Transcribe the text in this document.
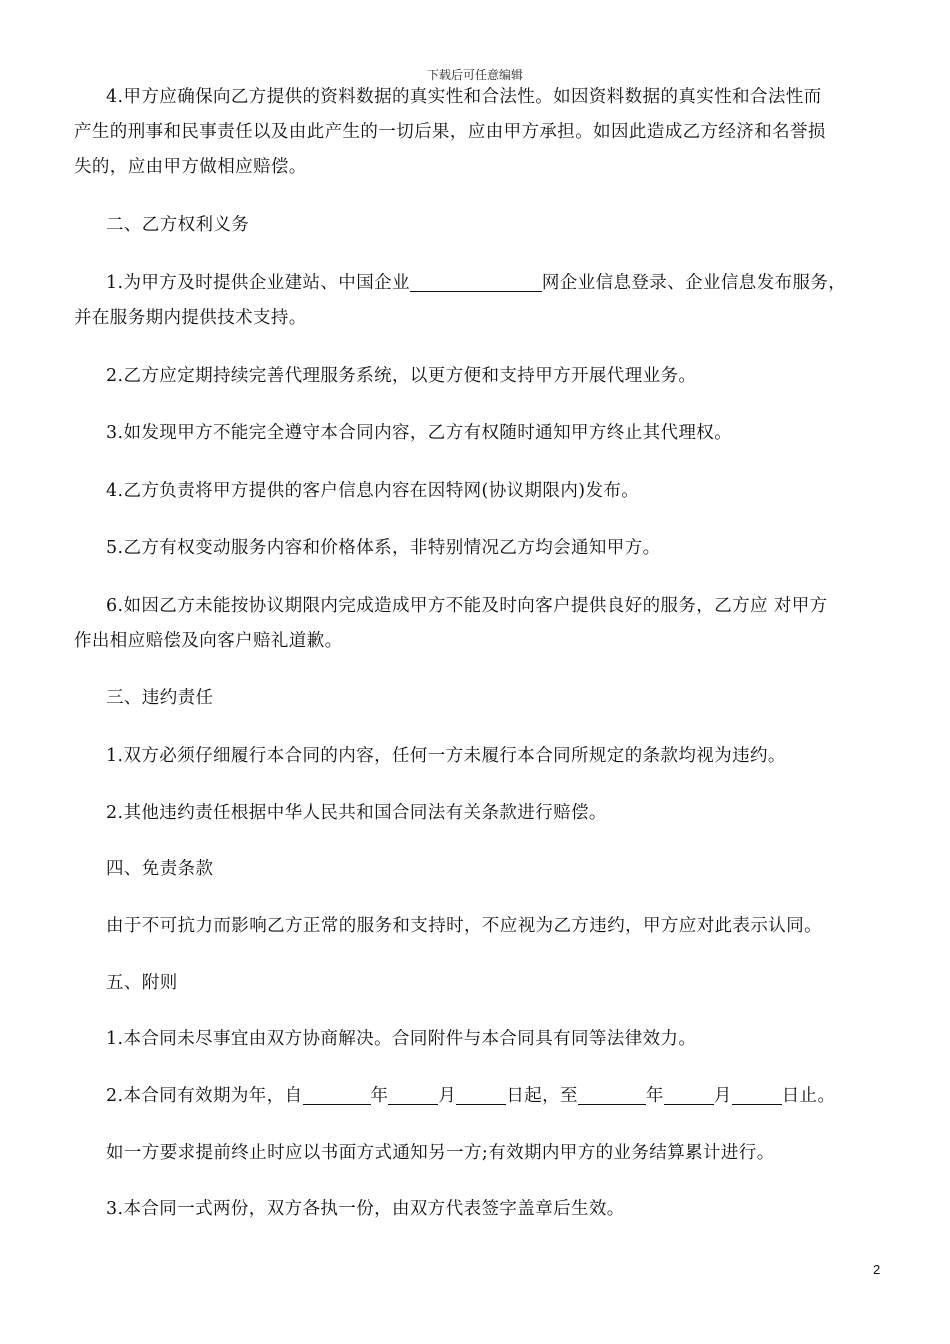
下载后可任意编辑
4.甲方应确保向乙方提供的资料数据的真实性和合法性。如因资料数据的真实性和合法性而
产生的刑事和民事责任以及由此产生的一切后果，应由甲方承担。如因此造成乙方经济和名誉损
失的，应由甲方做相应赔偿。
二、乙方权利义务
1.为甲方及时提供企业建站、中国企业	网企业信息登录、企业信息发布服务，
并在服务期内提供技术支持。
2.乙方应定期持续完善代理服务系统，以更方便和支持甲方开展代理业务。
3.如发现甲方不能完全遵守本合同内容，乙方有权随时通知甲方终止其代理权。
4.乙方负责将甲方提供的客户信息内容在因特网(协议期限内)发布。
5.乙方有权变动服务内容和价格体系，非特别情况乙方均会通知甲方。
6.如因乙方未能按协议期限内完成造成甲方不能及时向客户提供良好的服务，乙方应 对甲方
作出相应赔偿及向客户赔礼道歉。
三、违约责任
1.双方必须仔细履行本合同的内容，任何一方未履行本合同所规定的条款均视为违约。
2.其他违约责任根据中华人民共和国合同法有关条款进行赔偿。
四、免责条款
由于不可抗力而影响乙方正常的服务和支持时，不应视为乙方违约，甲方应对此表示认同。
五、附则
1.本合同未尽事宜由双方协商解决。合同附件与本合同具有同等法律效力。
2.本合同有效期为年，自	年	月	日起，至	年	月	日止。
如一方要求提前终止时应以书面方式通知另一方;有效期内甲方的业务结算累计进行。
3.本合同一式两份，双方各执一份，由双方代表签字盖章后生效。
2
